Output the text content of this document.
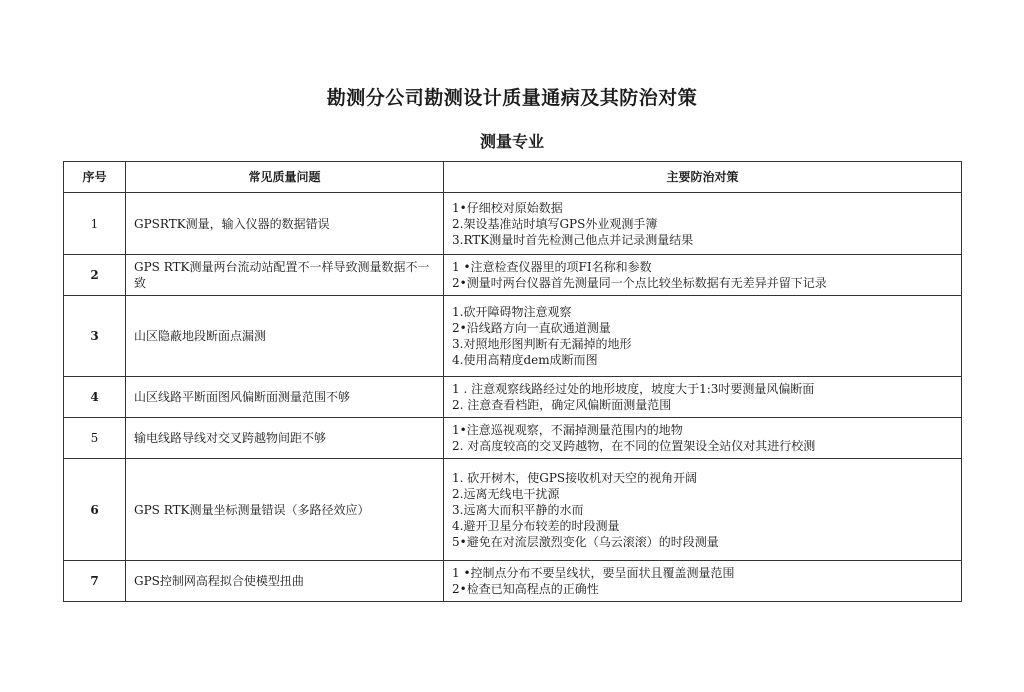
勘测分公司勘测设计质量通病及其防治对策
测量专业
序号	常见质量问题	主要防治对策
1	GPSRTK测量，输入仪器的数据错误	1•仔细校对原始数据
2.架设基准站时填写GPS外业观测手簿
3.RTK测量时首先检测己他点并记录测量结果

2	GPS RTK测量两台流动站配置不一样导致测量数据不一致	1 •注意检查仪器里的项FI名称和参数
2•测量吋两台仪器首先测量同一个点比较坐标数据有无差异并留下记录

3	山区隐蔽地段断面点漏测	1.砍开障碍物注意观察
2•沿线路方向一直砍通道测量
3.对照地形图判断有无漏掉的地形
4.使用高精度dem成断而图

4	山区线路平断面图风偏断面测量范围不够	1 . 注意观察线路经过处的地形坡度，坡度大于1:3吋要测量风偏断面
2. 注意查看档距，确定风偏断面测量范围

5	输电线路导线对交叉跨越物间距不够	1•注意巡视观察，不漏掉测量范围内的地物
2. 对高度较高的交叉跨越物，在不同的位置架设全站仪对其进行校测

6	GPS RTK测量坐标测量错误（多路径效应）	1. 砍开树木，使GPS接收机对天空的视角开阔
2.远离无线电干扰源
3.远离大而积平静的水而
4.避开卫星分布较差的时段测量
5•避免在对流层激烈变化（乌云滚滚）的时段测量

7	GPS控制网高程拟合使模型扭曲	1 •控制点分布不要呈线状，要呈面状且覆盖测量范围
2•检查已知高程点的正确性
